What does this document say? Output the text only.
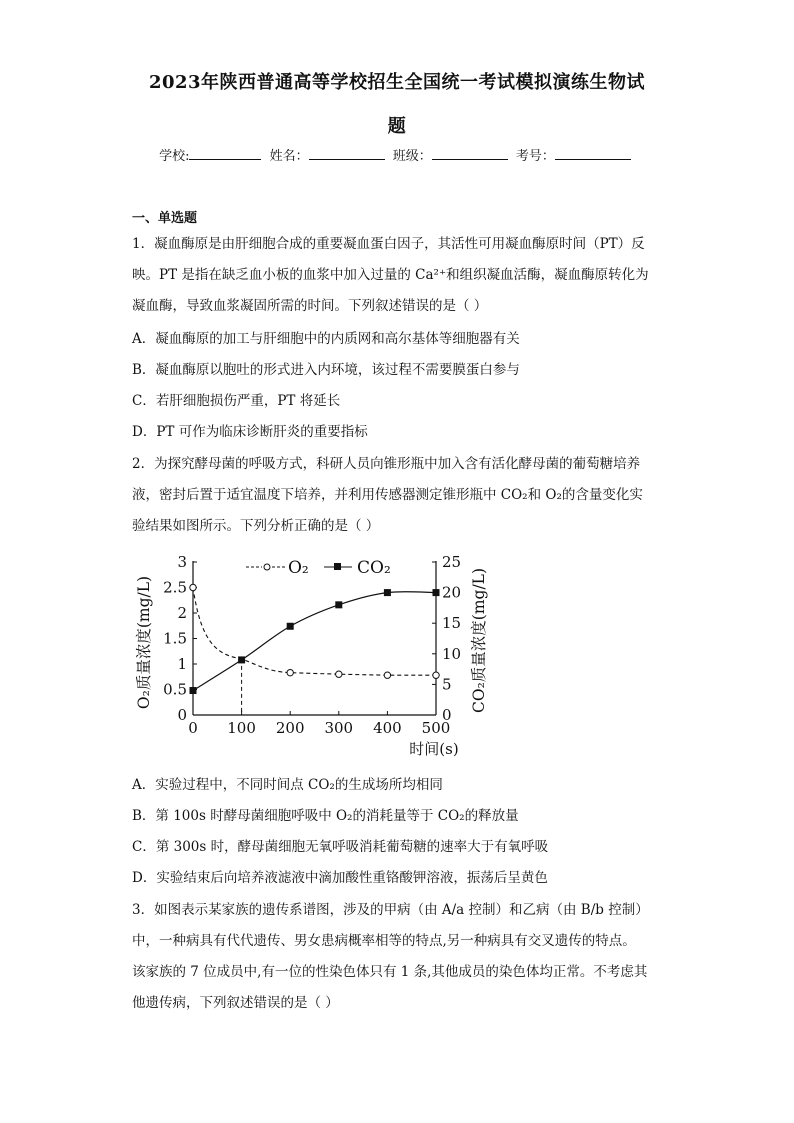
2023年陕西普通高等学校招生全国统一考试模拟演练生物试
题
学校:	姓名：	班级：	考号：
一、单选题
1．凝血酶原是由肝细胞合成的重要凝血蛋白因子，其活性可用凝血酶原时间（PT）反
映。PT 是指在缺乏血小板的血浆中加入过量的 Ca²⁺和组织凝血活酶，凝血酶原转化为
凝血酶，导致血浆凝固所需的时间。下列叙述错误的是（ ）
A．凝血酶原的加工与肝细胞中的内质网和高尔基体等细胞器有关
B．凝血酶原以胞吐的形式进入内环境，该过程不需要膜蛋白参与
C．若肝细胞损伤严重，PT 将延长
D．PT 可作为临床诊断肝炎的重要指标
2．为探究酵母菌的呼吸方式，科研人员向锥形瓶中加入含有活化酵母菌的葡萄糖培养
液，密封后置于适宜温度下培养，并利用传感器测定锥形瓶中 CO₂和 O₂的含量变化实
验结果如图所示。下列分析正确的是（ ）
0
0.5
1
1.5
2
2.5
3
0
5
10
15
20
25
0 100 200 300 400 500
时间(s)
O₂质量浓度(mg/L)	CO₂质量浓度(mg/L)
O₂	CO₂
A．实验过程中，不同时间点 CO₂的生成场所均相同
B．第 100s 时酵母菌细胞呼吸中 O₂的消耗量等于 CO₂的释放量
C．第 300s 时，酵母菌细胞无氧呼吸消耗葡萄糖的速率大于有氧呼吸
D．实验结束后向培养液滤液中滴加酸性重铬酸钾溶液，振荡后呈黄色
3．如图表示某家族的遗传系谱图，涉及的甲病（由 A/a 控制）和乙病（由 B/b 控制）
中，一种病具有代代遗传、男女患病概率相等的特点,另一种病具有交叉遗传的特点。
该家族的 7 位成员中,有一位的性染色体只有 1 条,其他成员的染色体均正常。不考虑其
他遗传病，下列叙述错误的是（ ）
